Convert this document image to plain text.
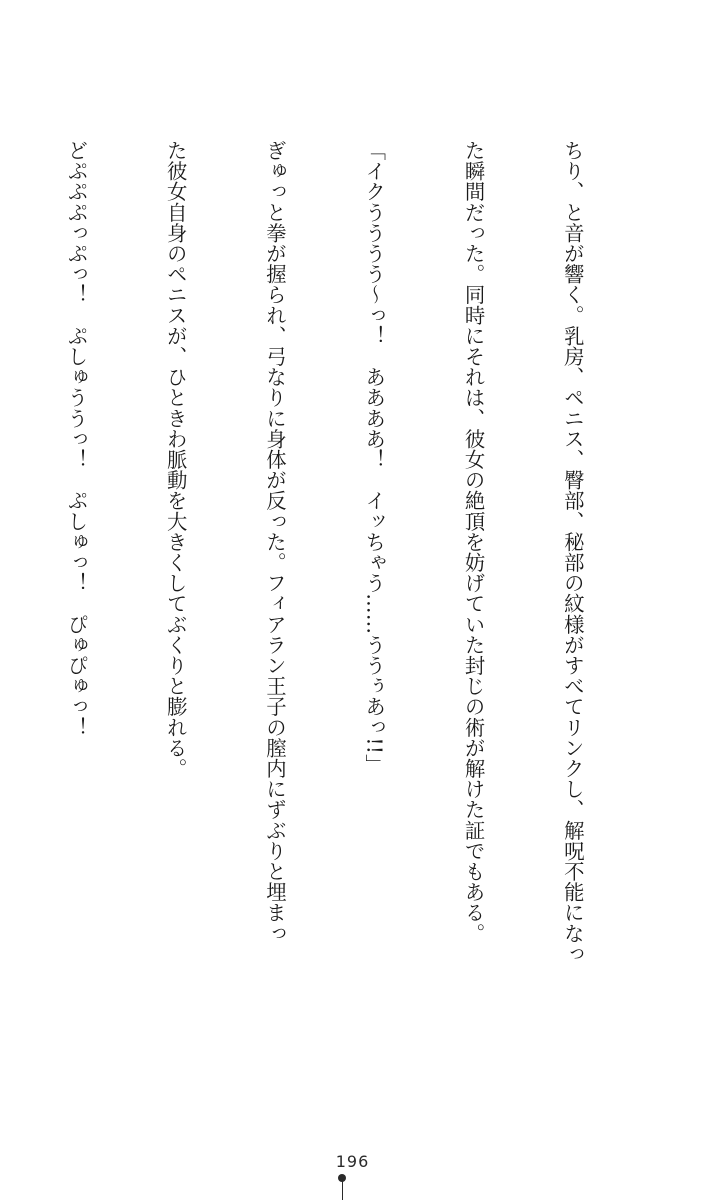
ちり、と音が響く。乳房、ペニス、臀部、秘部の紋様がすべてリンクし、解呪不能になっ

た瞬間だった。同時にそれは、彼女の絶頂を妨げていた封じの術が解けた証でもある。

「イクうううう〜っ！　ああああ！　イッちゃう……ううぅあっ!!」

ぎゅっと拳が握られ、弓なりに身体が反った。フィアラン王子の膣内にずぶりと埋まっ

た彼女自身のペニスが、ひときわ脈動を大きくしてぶくりと膨れる。

どぷぷぷっぷっ！　ぷしゅううっ！　ぷしゅっ！　ぴゅぴゅっ！

196
